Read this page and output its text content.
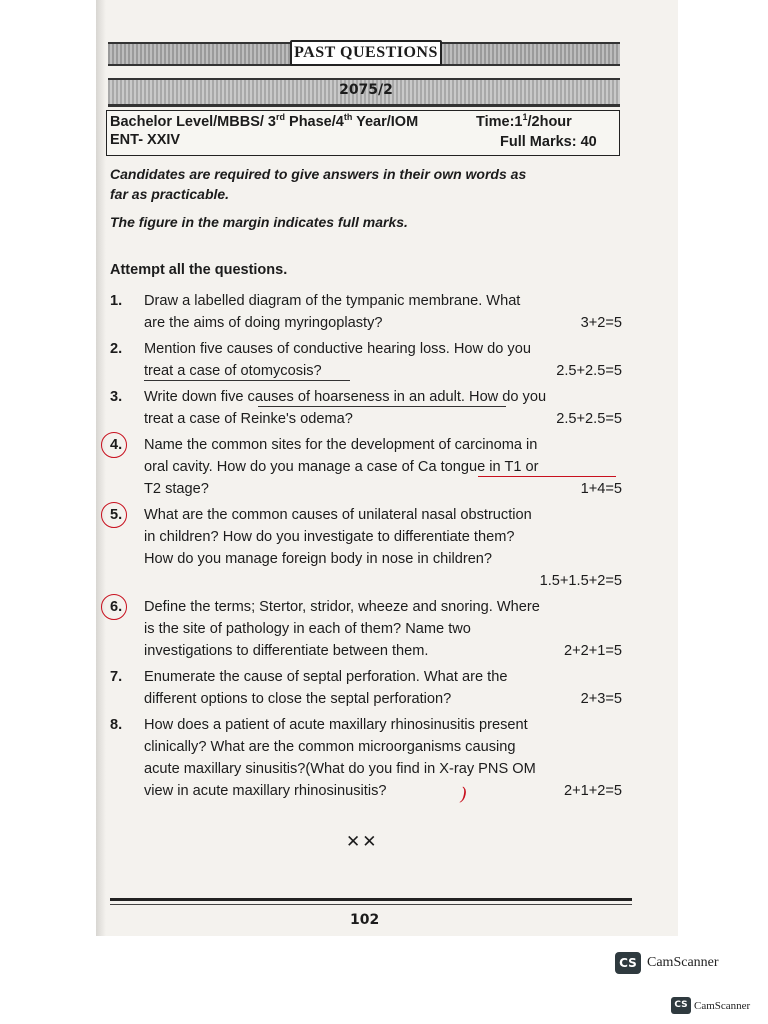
PAST QUESTIONS
2075/2
Bachelor Level/MBBS/ 3rd Phase/4th Year/IOM	$Time:1^1/2hour$
ENT- XXIV	Full Marks: 40
Candidates are required to give answers in their own words as
far as practicable.
The figure in the margin indicates full marks.
Attempt all the questions.
1.	Draw a labelled diagram of the tympanic membrane. What
are the aims of doing myringoplasty?	3+2=5
2.	Mention five causes of conductive hearing loss. How do you
treat a case of otomycosis?	2.5+2.5=5
3.	Write down five causes of hoarseness in an adult. How do you
treat a case of Reinke's odema?	2.5+2.5=5
4.	Name the common sites for the development of carcinoma in
oral cavity. How do you manage a case of Ca tongue in T1 or
T2 stage?	1+4=5
5.	What are the common causes of unilateral nasal obstruction
in children? How do you investigate to differentiate them?
How do you manage foreign body in nose in children?
1.5+1.5+2=5
6.	Define the terms; Stertor, stridor, wheeze and snoring. Where
is the site of pathology in each of them? Name two
investigations to differentiate between them.	2+2+1=5
7.	Enumerate the cause of septal perforation. What are the
different options to close the septal perforation?	2+3=5
8.	How does a patient of acute maxillary rhinosinusitis present
clinically? What are the common microorganisms causing
acute maxillary sinusitis?(What do you find in X-ray PNS OM
view in acute maxillary rhinosinusitis?	2+1+2=5
)
✕✕
102
CS CamScanner
CS CamScanner
